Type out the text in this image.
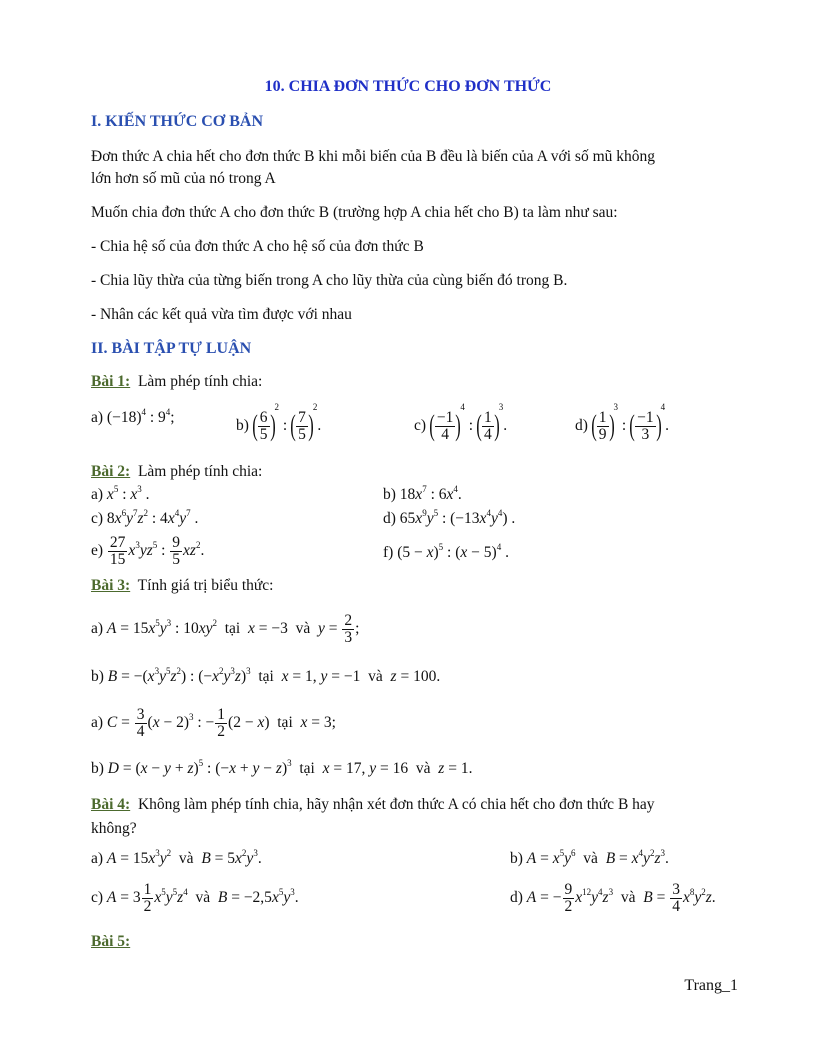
10. CHIA ĐƠN THỨC CHO ĐƠN THỨC
I. KIẾN THỨC CƠ BẢN
Đơn thức A chia hết cho đơn thức B khi mỗi biến của B đều là biến của A với số mũ không
lớn hơn số mũ của nó trong A
Muốn chia đơn thức A cho đơn thức B (trường hợp A chia hết cho B) ta làm như sau:
- Chia hệ số của đơn thức A cho hệ số của đơn thức B
- Chia lũy thừa của từng biến trong A cho lũy thừa của cùng biến đó trong B.
- Nhân các kết quả vừa tìm được với nhau
II. BÀI TẬP TỰ LUẬN
Bài 1: Làm phép tính chia:
a) $(-18)^4$ : $9^4$;	b) ( $\frac{6}{5} )^2$ : ( $\frac{7}{5} )^2$.	c) ( $\frac{-1}{4} )^4$ : ( $\frac{1}{4} )^3$.	d) ( $\frac{1}{9} )^3$ : ( $\frac{-1}{3} )^4$.
Bài 2: Làm phép tính chia:
a) $x^5$ : $x^3$ .	b) $18x^7$ : $6x^4$.
c) $8x^6y^7z^2$ : $4x^4y^7$ .	d) $65x^9y^5$ : $(-13x^4y^4)$ .
$e) \frac{27}{15} x^3yz^5$ : $\frac{9}{5} xz^2$.	f) $(5 - x)^5$ : $(x - 5)^4$ .
Bài 3: Tính giá trị biểu thức:
a) $A = 15x^5y^3$ : $10xy^2$  tại  x = −3  và  $y = \frac{2}{3}$ ;
b) $B = -(x^3y^5z^2)$ : $(-x^2y^3z)^3$  tại  x = 1, y = −1  và  z = 100.
a) $C = \frac{3}{4} (x - 2)^3$ : − $\frac{1}{2} (2 - x)$  tại  x = 3;
b) $D = (x - y + z)^5$ : $(-x + y - z)^3$  tại  x = 17, y = 16  và  z = 1.
Bài 4: Không làm phép tính chia, hãy nhận xét đơn thức A có chia hết cho đơn thức B hay
không?
a) $A = 15x^3y^2$  và  $B = 5x^2y^3$.	b) $A = x^5y^6$  và  $B = x^4y^2z^3$.
c) $A = 3 \frac{1}{2} x^5y^5z^4$  và  $B = -2,5x^5y^3$.	d) A = − $\frac{9}{2} x^{12}y^4z^3$  và  $B = \frac{3}{4} x^8y^2z$.
Bài 5:
Trang_1
